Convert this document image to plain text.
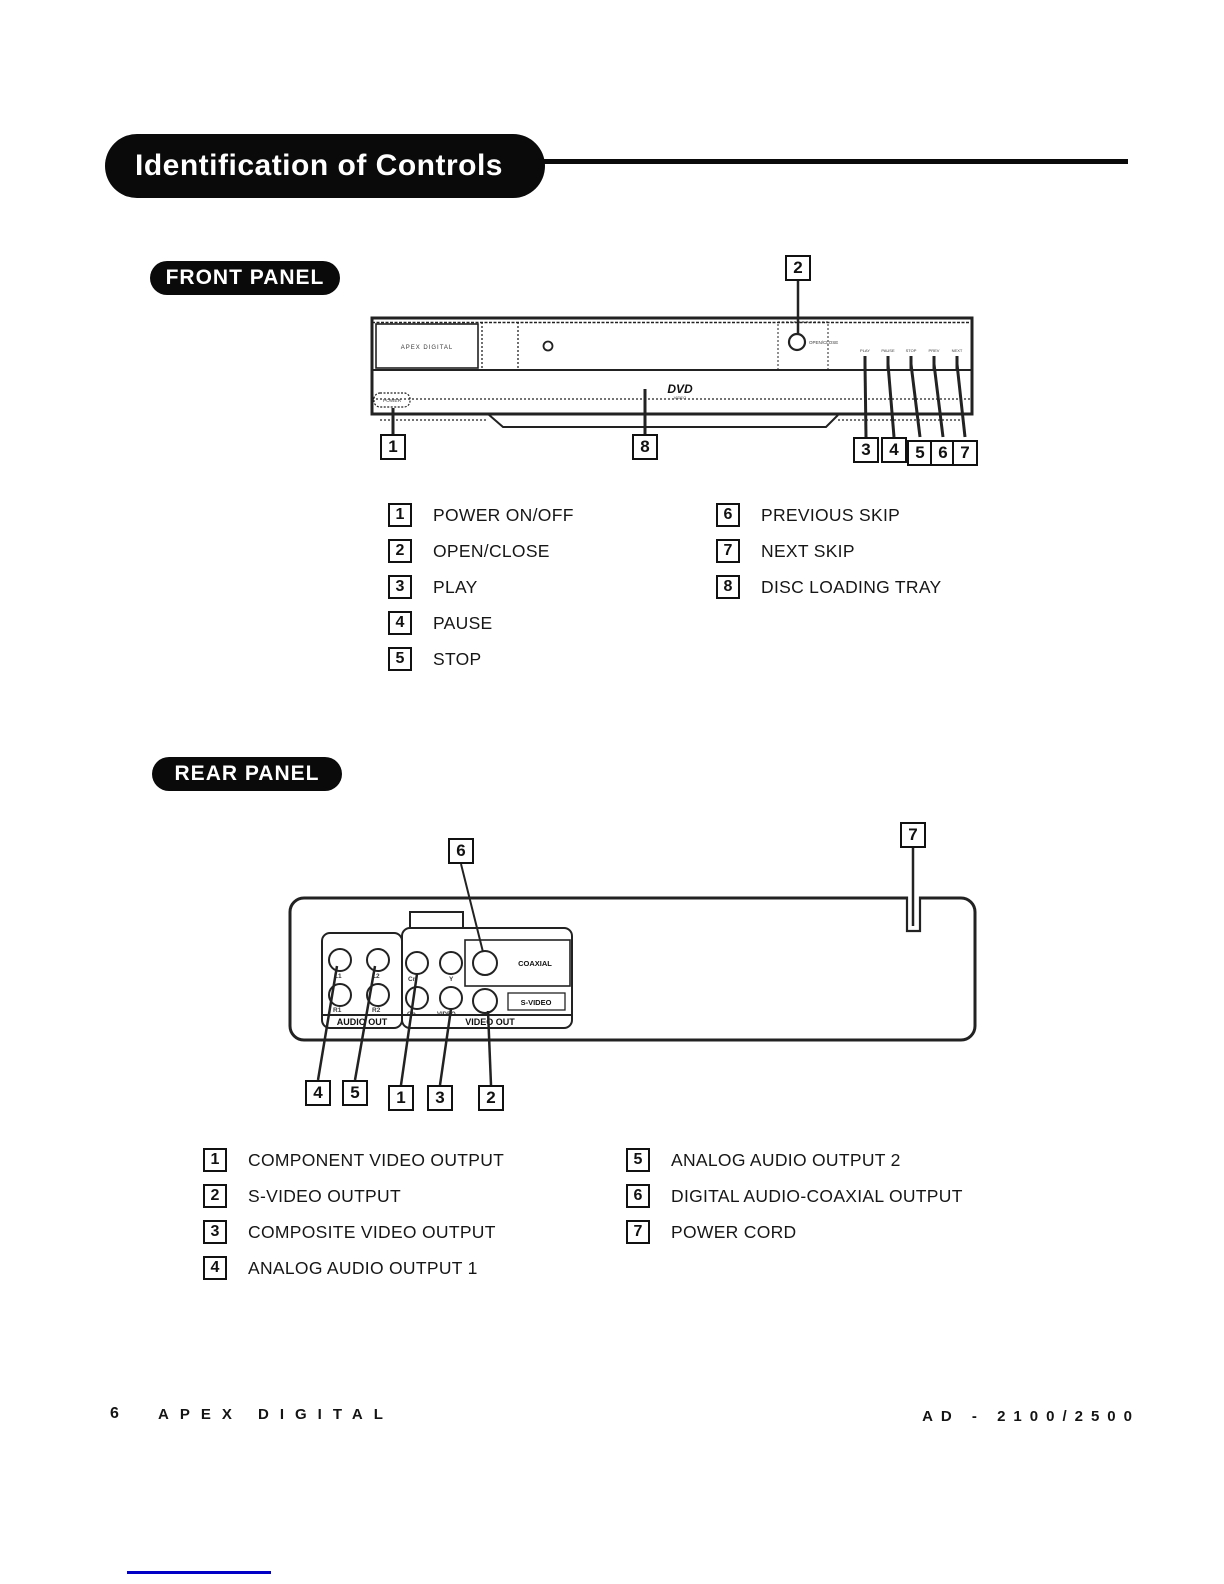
Identification of Controls
FRONT PANEL
APEX DIGITAL
OPEN/CLOSE
PLAY	PAUSE	STOP	PREV	NEXT
POWER
DVD
VIDEO
2
1	8	3	4 5 6 7
1	POWER ON/OFF
2	OPEN/CLOSE
3	PLAY
4	PAUSE
5	STOP
6	PREVIOUS SKIP
7	NEXT SKIP
8	DISC LOADING TRAY
REAR PANEL
L1	L2
R1	R2
AUDIO OUT
Cr	Y
Cb	VIDEO
COAXIAL
S-VIDEO
VIDEO OUT
6
7
4	5	1	3	2
1	COMPONENT VIDEO OUTPUT
2	S-VIDEO OUTPUT
3	COMPOSITE VIDEO OUTPUT
4	ANALOG AUDIO OUTPUT 1
5	ANALOG AUDIO OUTPUT 2
6	DIGITAL AUDIO-COAXIAL OUTPUT
7	POWER CORD
6	APEX DIGITAL	AD - 2100/2500
